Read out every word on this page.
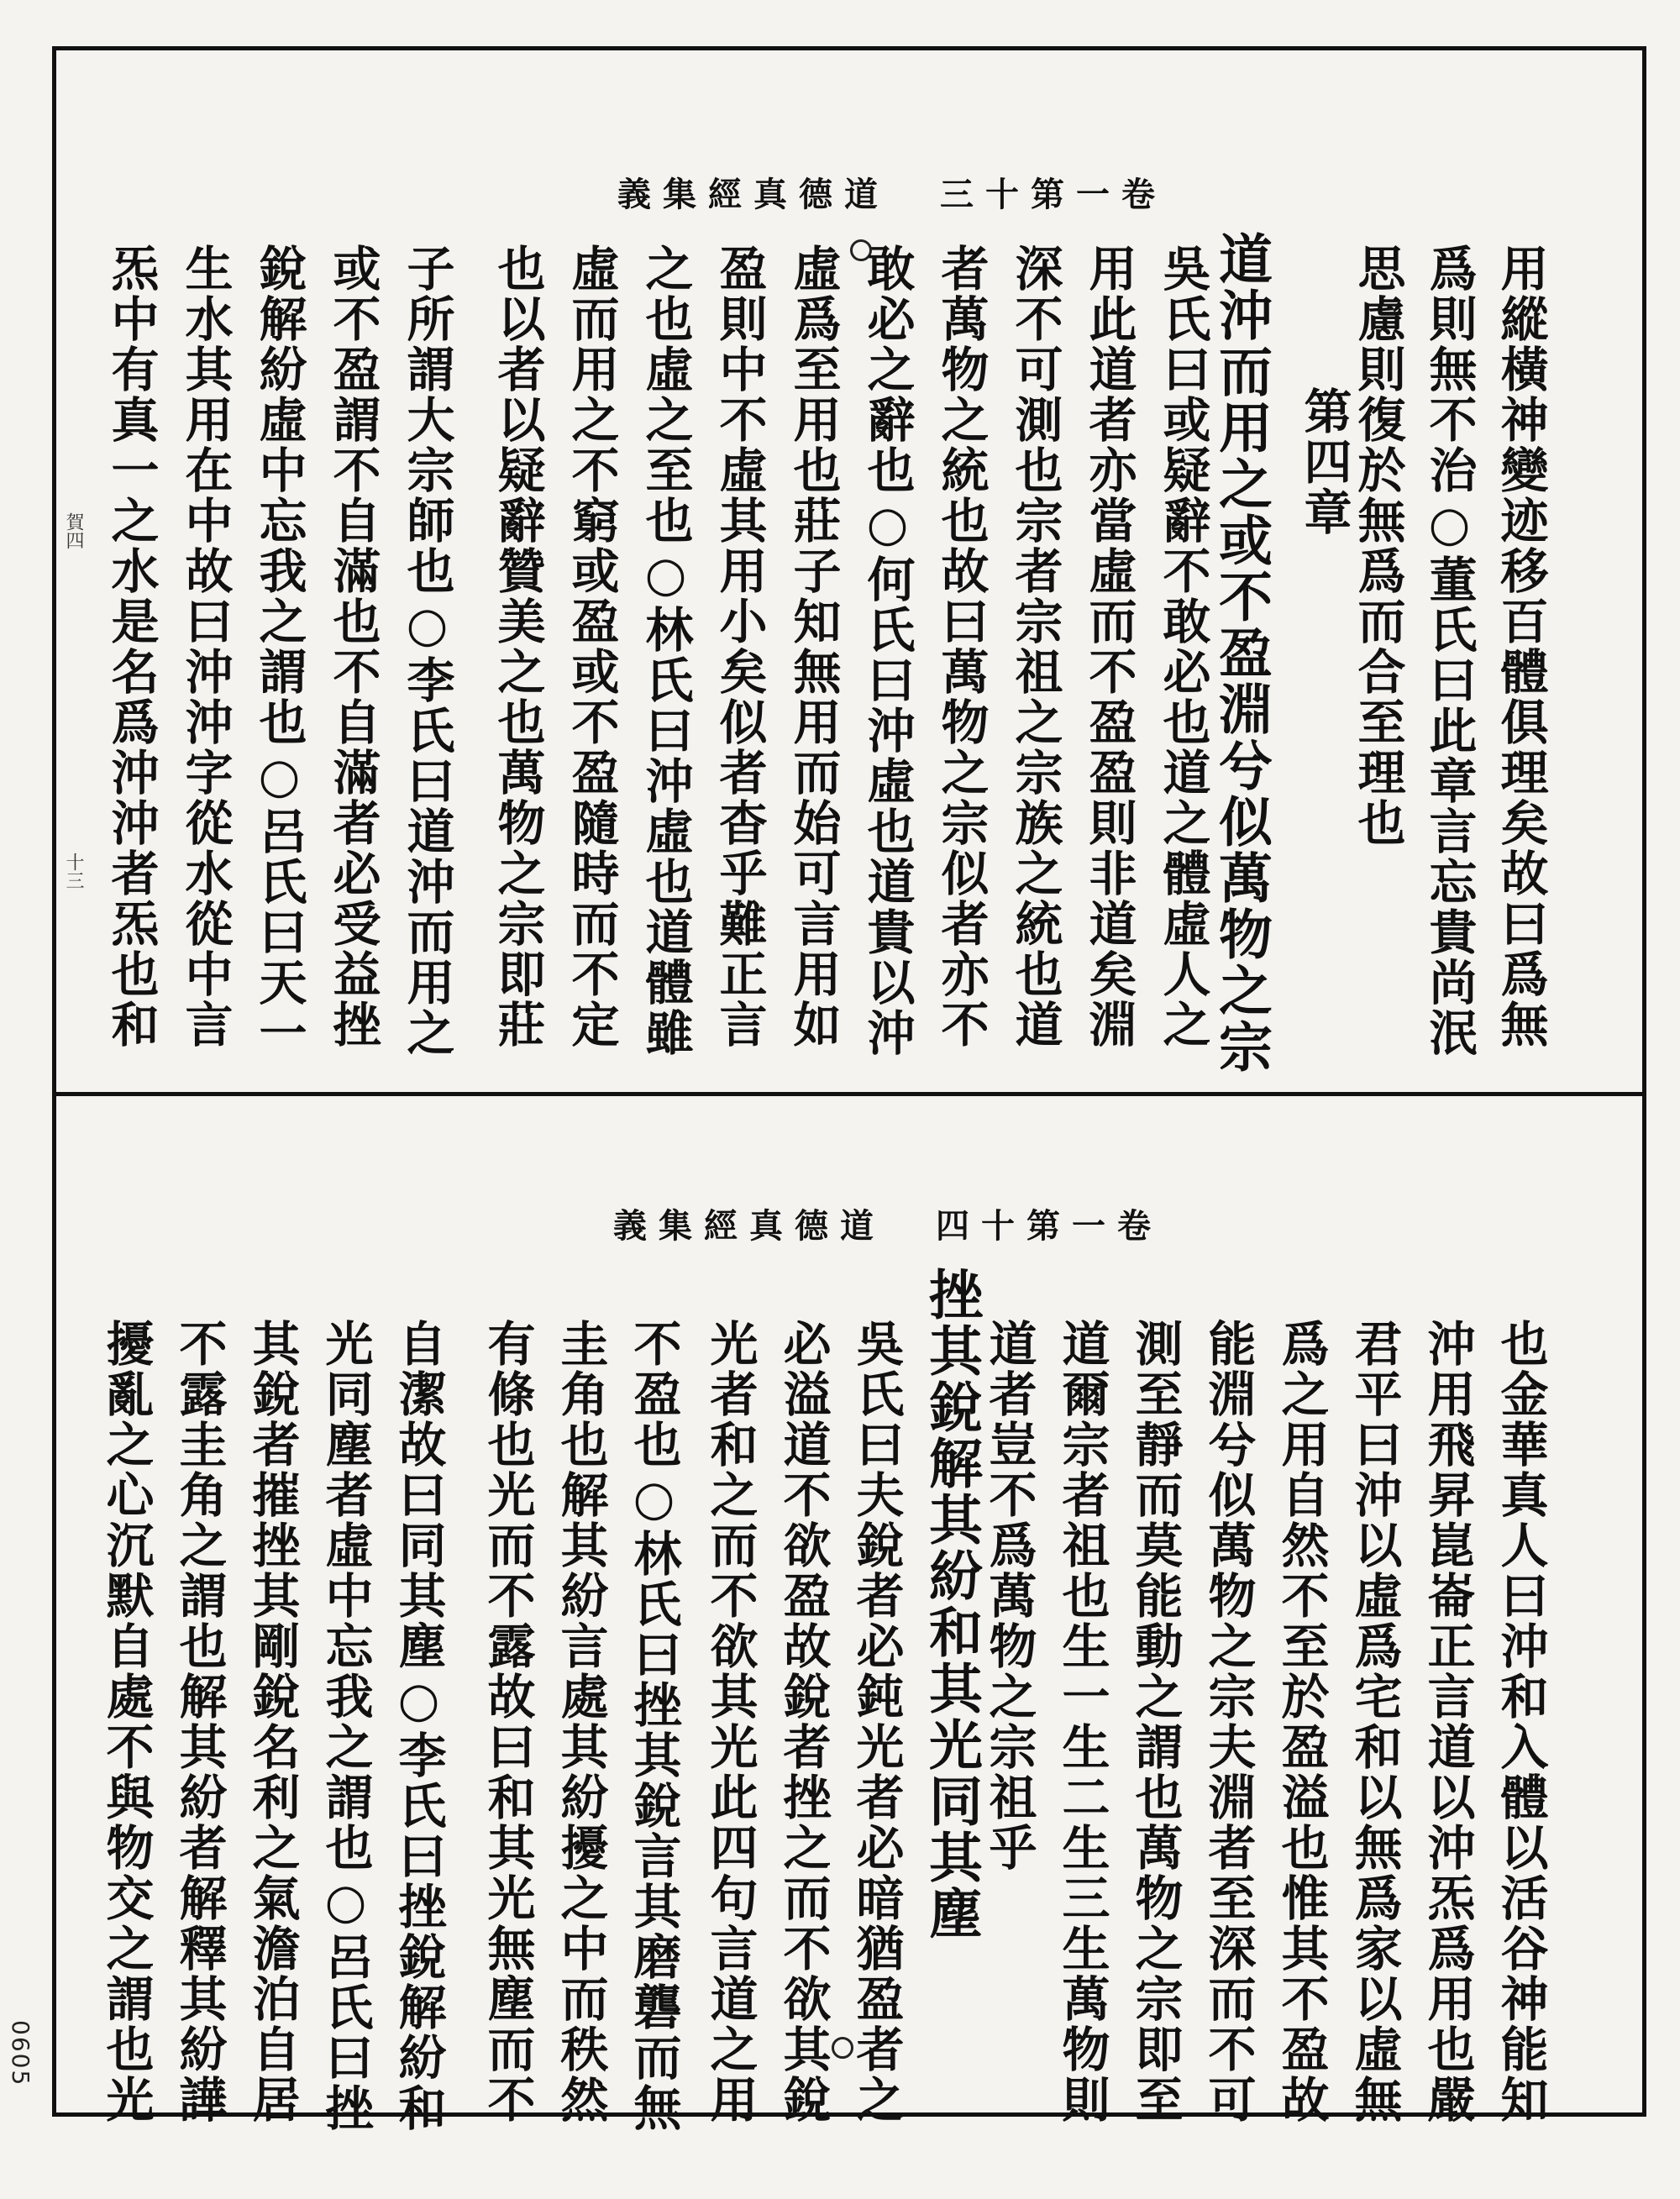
道德真經集義 卷一第十三
用縱橫神變迹移百體俱理矣故曰爲無
爲則無不治○董氏曰此章言忘貴尚泯
思慮則復於無爲而合至理也
第四章
道沖而用之或不盈淵兮似萬物之宗
吳氏曰或疑辭不敢必也道之體虛人之
用此道者亦當虛而不盈盈則非道矣淵
深不可測也宗者宗祖之宗族之統也道
者萬物之統也故曰萬物之宗似者亦不
敢必之辭也○何氏曰沖虛也道貴以沖
虛爲至用也莊子知無用而始可言用如
盈則中不虛其用小矣似者杳乎難正言
之也虛之至也○林氏曰沖虛也道體雖
虛而用之不窮或盈或不盈隨時而不定
也以者以疑辭贊美之也萬物之宗即莊
子所謂大宗師也○李氏曰道沖而用之
或不盈謂不自滿也不自滿者必受益挫
銳解紛虛中忘我之謂也○呂氏曰天一
生水其用在中故曰沖沖字從水從中言
炁中有真一之水是名爲沖沖者炁也和
賀四
十三
道德真經集義 卷一第十四
也金華真人曰沖和入體以活谷神能知
沖用飛昇崑崙正言道以沖炁爲用也嚴
君平曰沖以虛爲宅和以無爲家以虛無
爲之用自然不至於盈溢也惟其不盈故
能淵兮似萬物之宗夫淵者至深而不可
測至靜而莫能動之謂也萬物之宗即至
道爾宗者祖也生一生二生三生萬物則
道者豈不爲萬物之宗祖乎
挫其銳解其紛和其光同其塵
吳氏曰夫銳者必鈍光者必暗猶盈者之
必溢道不欲盈故銳者挫之而不欲其銳
光者和之而不欲其光此四句言道之用
不盈也○林氏曰挫其銳言其磨礱而無
圭角也解其紛言處其紛擾之中而秩然
有條也光而不露故曰和其光無塵而不
自潔故曰同其塵○李氏曰挫銳解紛和
光同塵者虛中忘我之謂也○呂氏曰挫
其銳者摧挫其剛銳名利之氣澹泊自居
不露圭角之謂也解其紛者解釋其紛譁
擾亂之心沉默自處不與物交之謂也光
0605
